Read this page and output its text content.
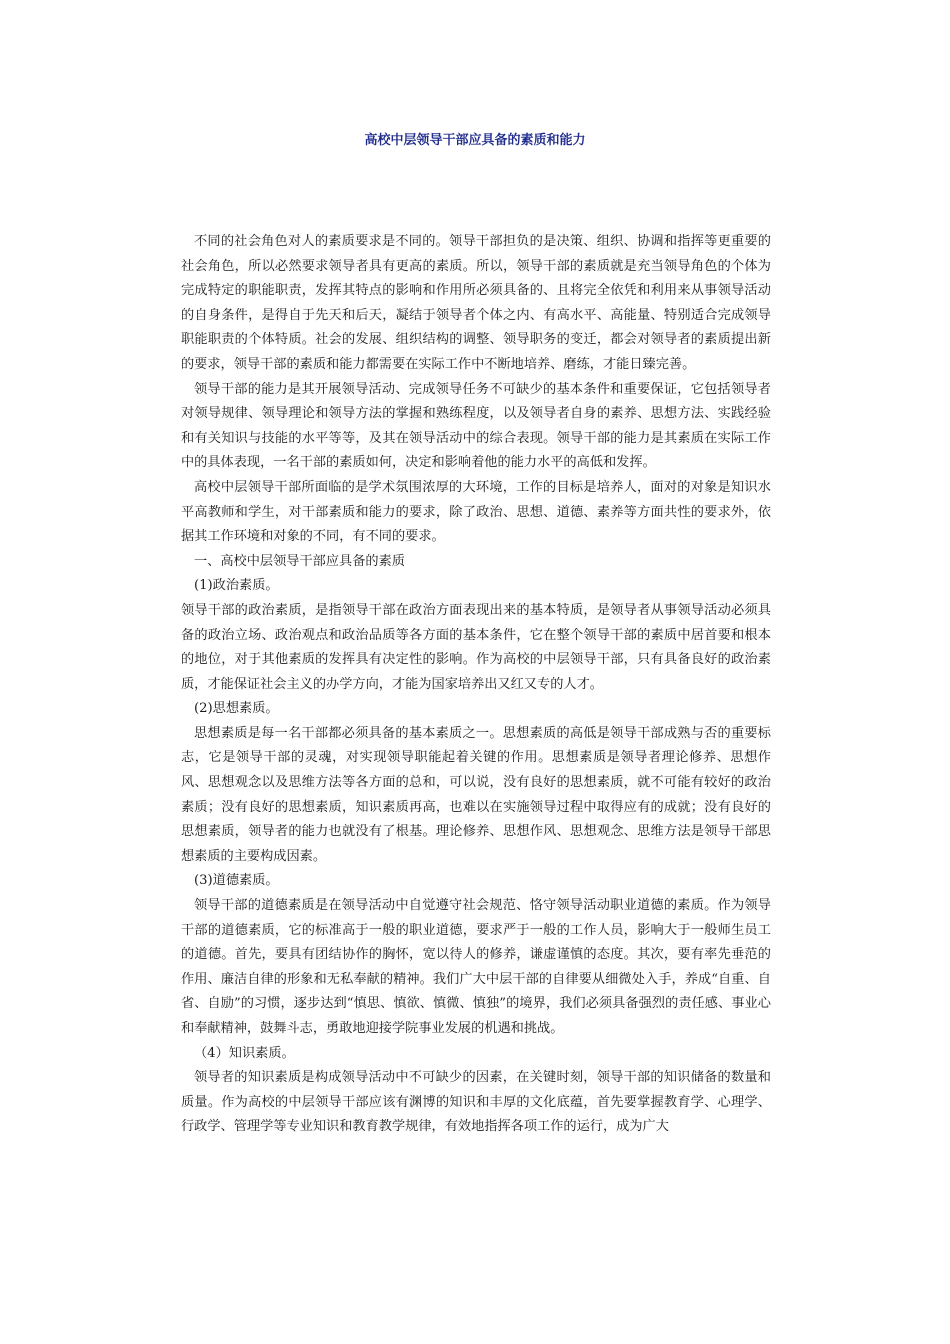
高校中层领导干部应具备的素质和能力

不同的社会角色对人的素质要求是不同的。领导干部担负的是决策、组织、协调和指挥等更重要的社会角色，所以必然要求领导者具有更高的素质。所以，领导干部的素质就是充当领导角色的个体为完成特定的职能职责，发挥其特点的影响和作用所必须具备的、且将完全依凭和利用来从事领导活动的自身条件，是得自于先天和后天，凝结于领导者个体之内、有高水平、高能量、特别适合完成领导职能职责的个体特质。社会的发展、组织结构的调整、领导职务的变迁，都会对领导者的素质提出新的要求，领导干部的素质和能力都需要在实际工作中不断地培养、磨练，才能日臻完善。

领导干部的能力是其开展领导活动、完成领导任务不可缺少的基本条件和重要保证，它包括领导者对领导规律、领导理论和领导方法的掌握和熟练程度，以及领导者自身的素养、思想方法、实践经验和有关知识与技能的水平等等，及其在领导活动中的综合表现。领导干部的能力是其素质在实际工作中的具体表现，一名干部的素质如何，决定和影响着他的能力水平的高低和发挥。

高校中层领导干部所面临的是学术氛围浓厚的大环境，工作的目标是培养人，面对的对象是知识水平高教师和学生，对干部素质和能力的要求，除了政治、思想、道德、素养等方面共性的要求外，依据其工作环境和对象的不同，有不同的要求。

一、高校中层领导干部应具备的素质

(1)政治素质。

领导干部的政治素质，是指领导干部在政治方面表现出来的基本特质，是领导者从事领导活动必须具备的政治立场、政治观点和政治品质等各方面的基本条件，它在整个领导干部的素质中居首要和根本的地位，对于其他素质的发挥具有决定性的影响。作为高校的中层领导干部，只有具备良好的政治素质，才能保证社会主义的办学方向，才能为国家培养出又红又专的人才。

(2)思想素质。

思想素质是每一名干部都必须具备的基本素质之一。思想素质的高低是领导干部成熟与否的重要标志，它是领导干部的灵魂，对实现领导职能起着关键的作用。思想素质是领导者理论修养、思想作风、思想观念以及思维方法等各方面的总和，可以说，没有良好的思想素质，就不可能有较好的政治素质；没有良好的思想素质，知识素质再高，也难以在实施领导过程中取得应有的成就；没有良好的思想素质，领导者的能力也就没有了根基。理论修养、思想作风、思想观念、思维方法是领导干部思想素质的主要构成因素。

(3)道德素质。

领导干部的道德素质是在领导活动中自觉遵守社会规范、恪守领导活动职业道德的素质。作为领导干部的道德素质，它的标准高于一般的职业道德，要求严于一般的工作人员，影响大于一般师生员工的道德。首先，要具有团结协作的胸怀，宽以待人的修养，谦虚谨慎的态度。其次，要有率先垂范的作用、廉洁自律的形象和无私奉献的精神。我们广大中层干部的自律要从细微处入手，养成“自重、自省、自励”的习惯，逐步达到“慎思、慎欲、慎微、慎独”的境界，我们必须具备强烈的责任感、事业心和奉献精神，鼓舞斗志，勇敢地迎接学院事业发展的机遇和挑战。

（4）知识素质。

领导者的知识素质是构成领导活动中不可缺少的因素，在关键时刻，领导干部的知识储备的数量和质量。作为高校的中层领导干部应该有渊博的知识和丰厚的文化底蕴，首先要掌握教育学、心理学、行政学、管理学等专业知识和教育教学规律，有效地指挥各项工作的运行，成为广大
